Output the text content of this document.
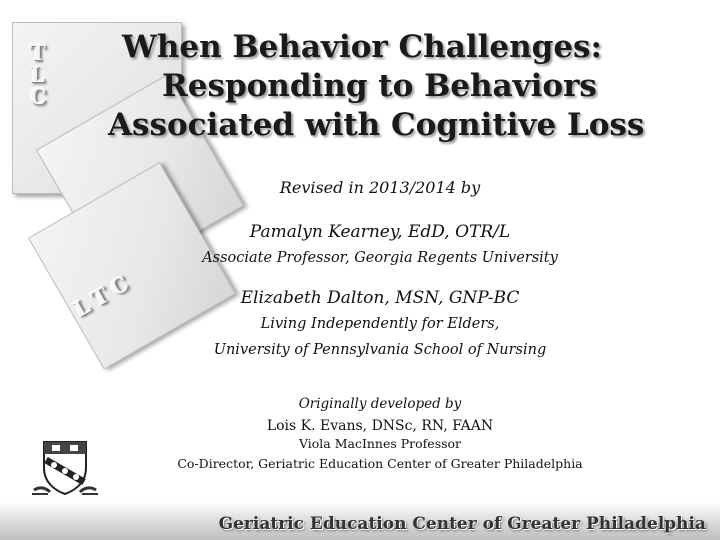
T
L
C
LTC
When Behavior Challenges:
Responding to Behaviors
Associated with Cognitive Loss
Revised in 2013/2014 by
Pamalyn Kearney, EdD, OTR/L
Associate Professor, Georgia Regents University
Elizabeth Dalton, MSN, GNP-BC
Living Independently for Elders,
University of Pennsylvania School of Nursing
Originally developed by
Lois K. Evans, DNSc, RN, FAAN
Viola MacInnes Professor
Co-Director, Geriatric Education Center of Greater Philadelphia
Geriatric Education Center of Greater Philadelphia
